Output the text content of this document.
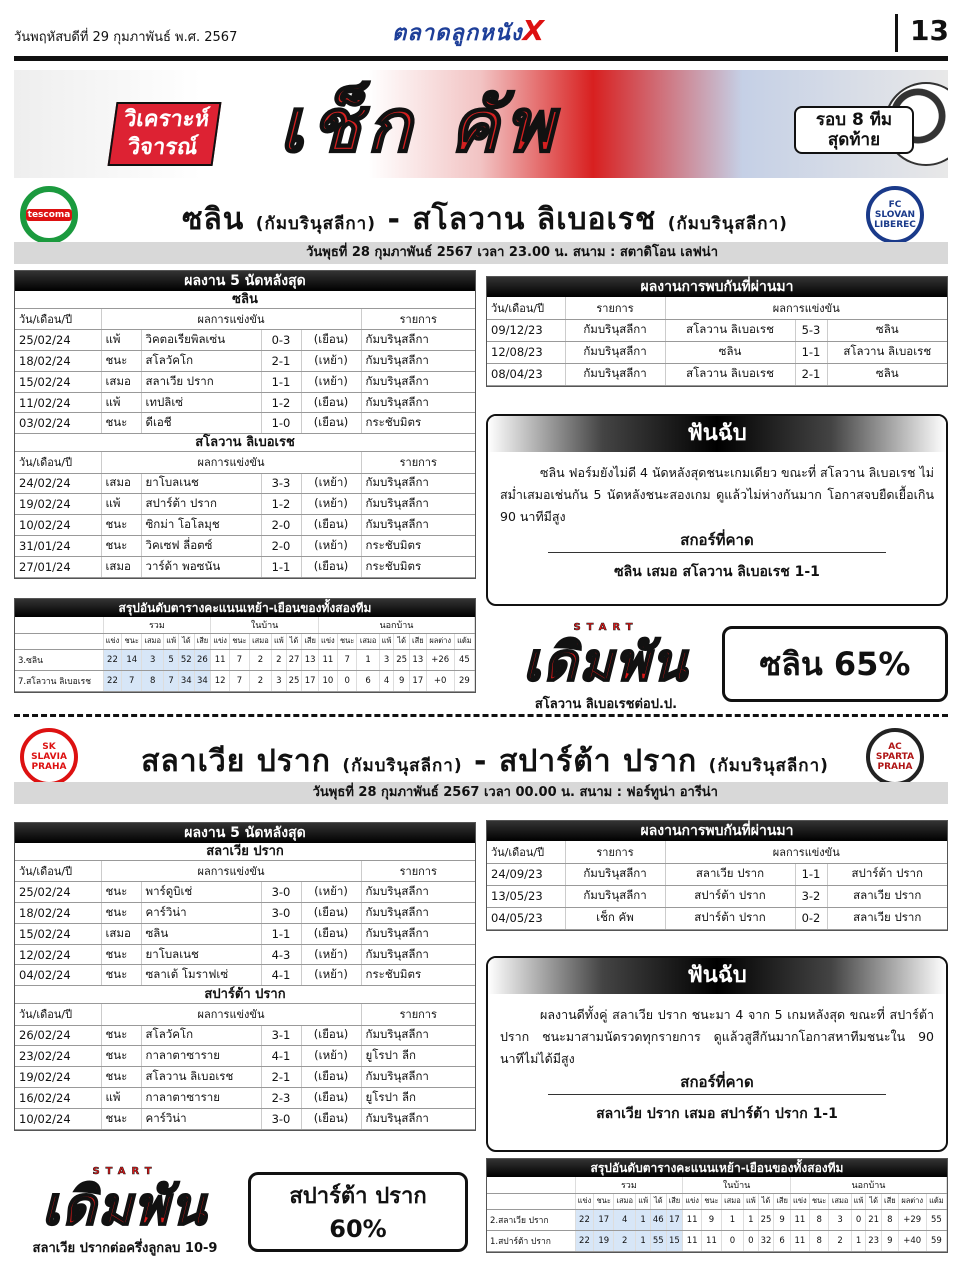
วันพฤหัสบดีที่ 29 กุมภาพันธ์ พ.ศ. 2567	ตลาดลูกหนังX	13
วิเคราะห์
วิจารณ์ เช็ก คัพ	รอบ 8 ทีม
สุดท้าย
tescoma	ซลิน (กัมบรินุสลีกา) - สโลวาน ลิเบอเรช (กัมบรินุสลีกา)
FC SLOVAN LIBEREC
วันพุธที่ 28 กุมภาพันธ์ 2567 เวลา 23.00 น. สนาม : สตาดิโอน เลฟน่า
ผลงาน 5 นัดหลังสุด
ซลิน
วัน/เดือน/ปี	ผลการแข่งขัน				รายการ
25/02/24	แพ้	วิคตอเรียพิลเซ่น	0-3	(เยือน)	กัมบรินุสลีกา
18/02/24	ชนะ	สโลวัคโก	2-1	(เหย้า)	กัมบรินุสลีกา
15/02/24	เสมอ	สลาเวีย ปราก	1-1	(เหย้า)	กัมบรินุสลีกา
11/02/24	แพ้	เทปลิเซ่	1-2	(เยือน)	กัมบรินุสลีกา
03/02/24	ชนะ	ดีเอชี	1-0	(เยือน)	กระชับมิตร
สโลวาน ลิเบอเรช
วัน/เดือน/ปี	ผลการแข่งขัน				รายการ
24/02/24	เสมอ	ยาโบลเนช	3-3	(เหย้า)	กัมบรินุสลีกา
19/02/24	แพ้	สปาร์ต้า ปราก	1-2	(เหย้า)	กัมบรินุสลีกา
10/02/24	ชนะ	ซิกม่า โอโลมุช	2-0	(เยือน)	กัมบรินุสลีกา
31/01/24	ชนะ	วิคเซฟ ลี่อตซ์	2-0	(เหย้า)	กระชับมิตร
27/01/24	เสมอ	วาร์ด้า พอซนัน	1-1	(เยือน)	กระชับมิตร
ผลงานการพบกันที่ผ่านมา
วัน/เดือน/ปี	รายการ	ผลการแข่งขัน		
09/12/23	กัมบรินุสลีกา	สโลวาน ลิเบอเรช	5-3	ซลิน
12/08/23	กัมบรินุสลีกา	ซลิน	1-1	สโลวาน ลิเบอเรช
08/04/23	กัมบรินุสลีกา	สโลวาน ลิเบอเรช	2-1	ซลิน
ฟันฉับ
ซลิน ฟอร์มยังไม่ดี 4 นัดหลังสุดชนะเกมเดียว ขณะที่ สโลวาน ลิเบอเรช ไม่สม่ำเสมอเช่นกัน 5 นัดหลังชนะสองเกม ดูแล้วไม่ห่างกันมาก โอกาสจบยืดเยื้อเกิน 90 นาทีมีสูง
สกอร์ที่คาด
ซลิน เสมอ สโลวาน ลิเบอเรช 1-1
สรุปอันดับตารางคะแนนเหย้า-เยือนของทั้งสองทีม
	รวม						ในบ้าน						นอกบ้าน							
	แข่ง	ชนะ	เสมอ	แพ้	ได้	เสีย	แข่ง	ชนะ	เสมอ	แพ้	ได้	เสีย	แข่ง	ชนะ	เสมอ	แพ้	ได้	เสีย	ผลต่าง	แต้ม
3.ซลิน	22	14	3	5	52	26	11	7	2	2	27	13	11	7	1	3	25	13	+26	45
7.สโลวาน ลิเบอเรช	22	7	8	7	34	34	12	7	2	3	25	17	10	0	6	4	9	17	+0	29
START
เดิมพัน
สโลวาน ลิเบอเรชต่อป.ป.
ซลิน 65%
SK SLAVIA PRAHA	สลาเวีย ปราก (กัมบรินุสลีกา) - สปาร์ต้า ปราก (กัมบรินุสลีกา)
AC SPARTA PRAHA
วันพุธที่ 28 กุมภาพันธ์ 2567 เวลา 00.00 น. สนาม : ฟอร์ทูน่า อารีน่า
ผลงาน 5 นัดหลังสุด
สลาเวีย ปราก
วัน/เดือน/ปี	ผลการแข่งขัน				รายการ
25/02/24	ชนะ	พาร์ดูบิเช่	3-0	(เหย้า)	กัมบรินุสลีกา
18/02/24	ชนะ	คาร์วิน่า	3-0	(เยือน)	กัมบรินุสลีกา
15/02/24	เสมอ	ซลิน	1-1	(เยือน)	กัมบรินุสลีกา
12/02/24	ชนะ	ยาโบลเนช	4-3	(เหย้า)	กัมบรินุสลีกา
04/02/24	ชนะ	ซลาเต้ โมราฟเซ่	4-1	(เหย้า)	กระชับมิตร
สปาร์ต้า ปราก
วัน/เดือน/ปี	ผลการแข่งขัน				รายการ
26/02/24	ชนะ	สโลวัคโก	3-1	(เยือน)	กัมบรินุสลีกา
23/02/24	ชนะ	กาลาตาซาราย	4-1	(เหย้า)	ยูโรปา ลีก
19/02/24	ชนะ	สโลวาน ลิเบอเรช	2-1	(เยือน)	กัมบรินุสลีกา
16/02/24	แพ้	กาลาตาซาราย	2-3	(เยือน)	ยูโรปา ลีก
10/02/24	ชนะ	คาร์วิน่า	3-0	(เยือน)	กัมบรินุสลีกา
ผลงานการพบกันที่ผ่านมา
วัน/เดือน/ปี	รายการ	ผลการแข่งขัน		
24/09/23	กัมบรินุสลีกา	สลาเวีย ปราก	1-1	สปาร์ต้า ปราก
13/05/23	กัมบรินุสลีกา	สปาร์ต้า ปราก	3-2	สลาเวีย ปราก
04/05/23	เช็ก คัพ	สปาร์ต้า ปราก	0-2	สลาเวีย ปราก
ฟันฉับ
ผลงานดีทั้งคู่ สลาเวีย ปราก ชนะมา 4 จาก 5 เกมหลังสุด ขณะที่ สปาร์ต้า ปราก ชนะมาสามนัดรวดทุกรายการ ดูแล้วสูสีกันมากโอกาสหาทีมชนะใน 90 นาทีไม่ได้มีสูง
สกอร์ที่คาด
สลาเวีย ปราก เสมอ สปาร์ต้า ปราก 1-1
สรุปอันดับตารางคะแนนเหย้า-เยือนของทั้งสองทีม
	รวม						ในบ้าน						นอกบ้าน							
	แข่ง	ชนะ	เสมอ	แพ้	ได้	เสีย	แข่ง	ชนะ	เสมอ	แพ้	ได้	เสีย	แข่ง	ชนะ	เสมอ	แพ้	ได้	เสีย	ผลต่าง	แต้ม
2.สลาเวีย ปราก	22	17	4	1	46	17	11	9	1	1	25	9	11	8	3	0	21	8	+29	55
1.สปาร์ต้า ปราก	22	19	2	1	55	15	11	11	0	0	32	6	11	8	2	1	23	9	+40	59
START
เดิมพัน
สลาเวีย ปรากต่อครึ่งลูกลบ 10-9
สปาร์ต้า ปราก
60%
